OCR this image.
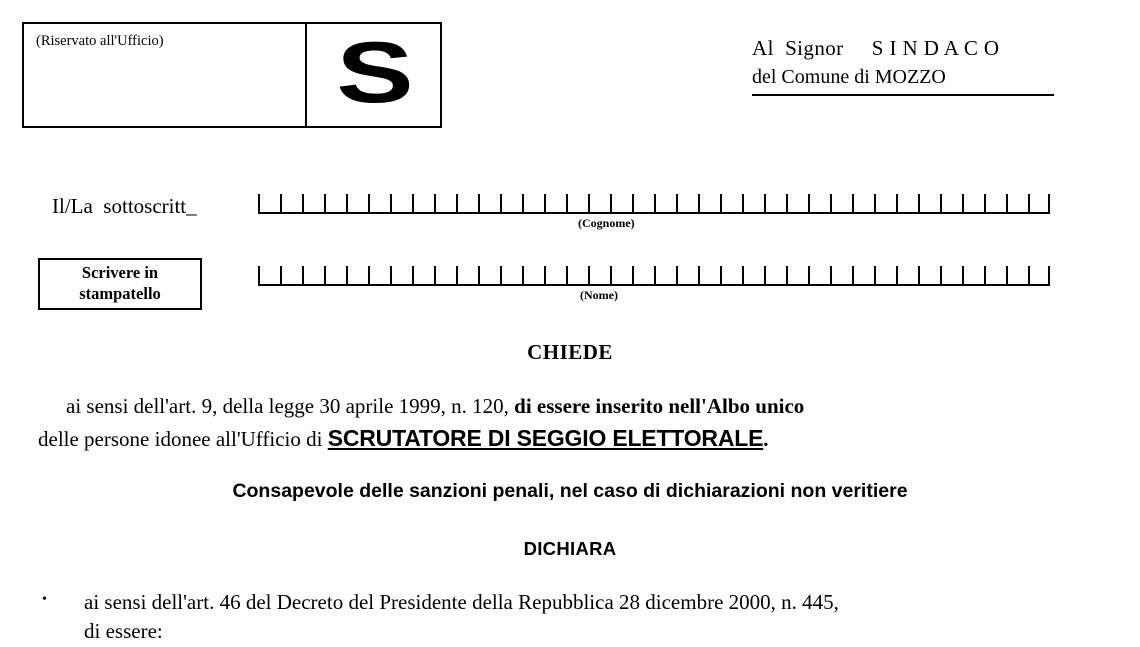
(Riservato all'Ufficio)	S	Al  Signor     S I N D A C O
del Comune di MOZZO
Il/La  sottoscritt_
(Cognome)
(Nome)
Scrivere in
stampatello
CHIEDE
ai sensi dell'art. 9, della legge 30 aprile 1999, n. 120, di essere inserito nell'Albo unico
delle persone idonee all'Ufficio di SCRUTATORE DI SEGGIO ELETTORALE.
Consapevole delle sanzioni penali, nel caso di dichiarazioni non veritiere
DICHIARA
• ai sensi dell'art. 46 del Decreto del Presidente della Repubblica 28 dicembre 2000, n. 445,
di essere:
